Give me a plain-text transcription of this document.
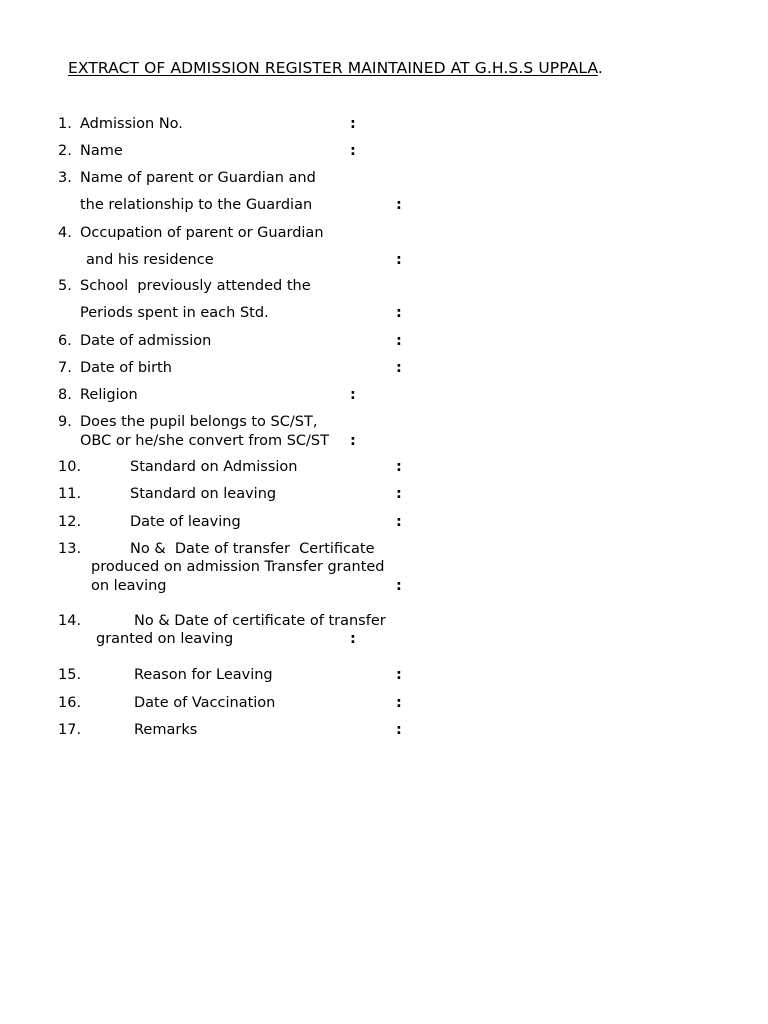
EXTRACT OF ADMISSION REGISTER MAINTAINED AT G.H.S.S UPPALA.
1. Admission No.	:
2. Name	:
3. Name of parent or Guardian and
the relationship to the Guardian	:
4. Occupation of parent or Guardian
and his residence	:
5. School  previously attended the
Periods spent in each Std.	:
6. Date of admission	:
7. Date of birth	:
8. Religion	:
9. Does the pupil belongs to SC/ST,
OBC or he/she convert from SC/ST :
10.	Standard on Admission	:
11.	Standard on leaving	:
12.	Date of leaving	:
13.	No &  Date of transfer  Certificate
produced on admission Transfer granted
on leaving	:
14.	No & Date of certificate of transfer
granted on leaving	:
15.	Reason for Leaving	:
16.	Date of Vaccination	:
17.	Remarks	:
